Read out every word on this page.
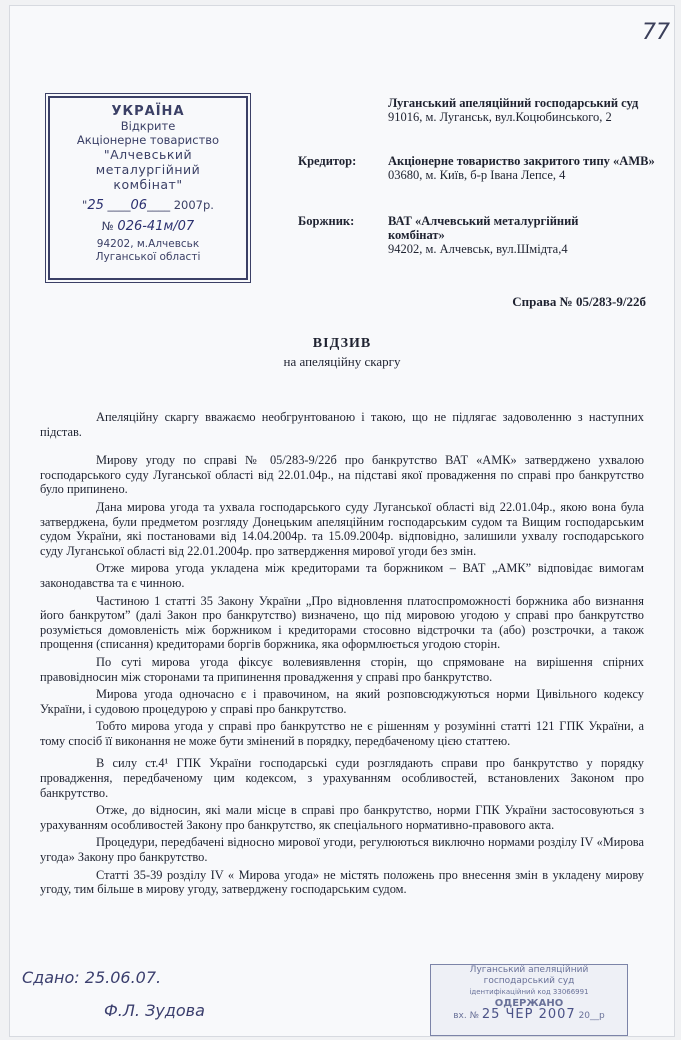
77
УКРАЇНА
Відкрите
Акціонерне товариство
"Алчевський
металургійний
комбінат"
"25 ____06____ 2007р.
№ 026-41м/07
94202, м.Алчевськ
Луганської області
Луганський апеляційний господарський суд
91016, м. Луганськ, вул.Коцюбинського, 2
Кредитор:	Акціонерне товариство закритого типу «АМВ»
03680, м. Київ, б-р Івана Лепсе, 4
Боржник:	ВАТ «Алчевський металургійний комбінат»
94202, м. Алчевськ, вул.Шмідта,4
Справа № 05/283-9/22б
ВІДЗИВ
на апеляційну скаргу

Апеляційну скаргу вважаємо необгрунтованою і такою, що не підлягає задоволенню з наступних підстав.

Мирову угоду по справі № 05/283-9/22б про банкрутство ВАТ «АМК» затверджено ухвалою господарського суду Луганської області від 22.01.04р., на підставі якої провадження по справі про банкрутство було припинено.

Дана мирова угода та ухвала господарського суду Луганської області від 22.01.04р., якою вона була затверджена, були предметом розгляду Донецьким апеляційним господарським судом та Вищим господарським судом України, які постановами від 14.04.2004р. та 15.09.2004р. відповідно, залишили ухвалу господарського суду Луганської області від 22.01.2004р. про затвердження мирової угоди без змін.

Отже мирова угода укладена між кредиторами та боржником – ВАТ „АМК” відповідає вимогам законодавства та є чинною.

Частиною 1 статті 35 Закону України „Про відновлення платоспроможності боржника або визнання його банкрутом” (далі Закон про банкрутство) визначено, що під мировою угодою у справі про банкрутство розуміється домовленість між боржником і кредиторами стосовно відстрочки та (або) розстрочки, а також прощення (списання) кредиторами боргів боржника, яка оформлюється угодою сторін.

По суті мирова угода фіксує волевиявлення сторін, що спрямоване на вирішення спірних правовідносин між сторонами та припинення провадження у справі про банкрутство.

Мирова угода одночасно є і правочином, на який розповсюджуються норми Цивільного кодексу України, і судовою процедурою у справі про банкрутство.

Тобто мирова угода у справі про банкрутство не є рішенням у розумінні статті 121 ГПК України, а тому спосіб її виконання не може бути змінений в порядку, передбаченому цією статтею.

В силу ст.4¹ ГПК України господарські суди розглядають справи про банкрутство у порядку провадження, передбаченому цим кодексом, з урахуванням особливостей, встановлених Законом про банкрутство.

Отже, до відносин, які мали місце в справі про банкрутство, норми ГПК України застосовуються з урахуванням особливостей Закону про банкрутство, як спеціального нормативно-правового акта.

Процедури, передбачені відносно мирової угоди, регулюються виключно нормами розділу IV «Мирова угода» Закону про банкрутство.

Статті 35-39 розділу IV « Мирова угода» не містять положень про внесення змін в укладену мирову угоду, тим більше в мирову угоду, затверджену господарським судом.

Сдано: 25.06.07.
Ф.Л. Зудова
Луганський апеляційний
господарський суд
ідентифікаційний код 33066991
ОДЕРЖАНО
вх. № 25 ЧЕР 2007 20__р
